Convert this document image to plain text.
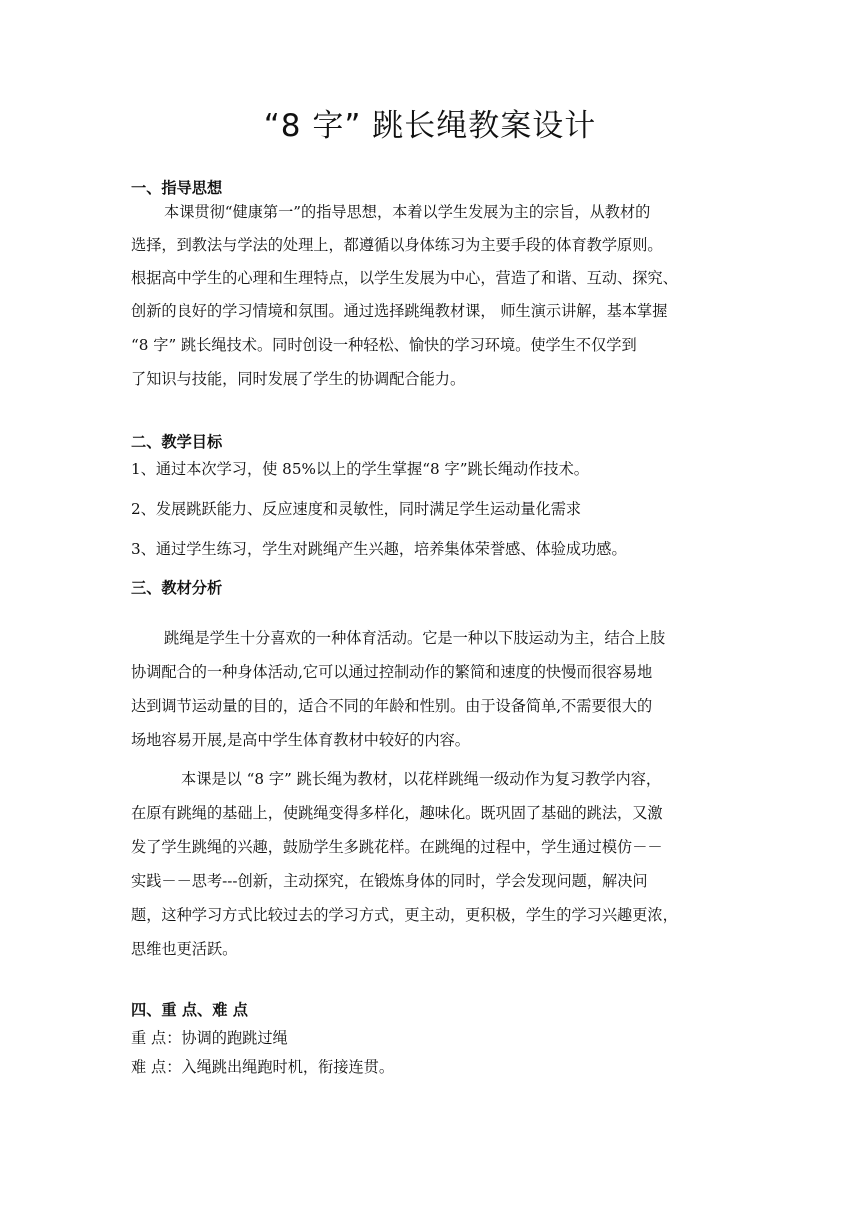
“8 字” 跳长绳教案设计
一、指导思想
本课贯彻“健康第一”的指导思想，本着以学生发展为主的宗旨，从教材的
选择，到教法与学法的处理上，都遵循以身体练习为主要手段的体育教学原则。
根据高中学生的心理和生理特点，以学生发展为中心，营造了和谐、互动、探究、
创新的良好的学习情境和氛围。通过选择跳绳教材课， 师生演示讲解，基本掌握
“8 字” 跳长绳技术。同时创设一种轻松、愉快的学习环境。使学生不仅学到
了知识与技能，同时发展了学生的协调配合能力。
二、教学目标
1、通过本次学习，使 85%以上的学生掌握“8 字”跳长绳动作技术。
2、发展跳跃能力、反应速度和灵敏性，同时满足学生运动量化需求
3、通过学生练习，学生对跳绳产生兴趣，培养集体荣誉感、体验成功感。
三、教材分析
跳绳是学生十分喜欢的一种体育活动。它是一种以下肢运动为主，结合上肢
协调配合的一种身体活动,它可以通过控制动作的繁简和速度的快慢而很容易地
达到调节运动量的目的，适合不同的年龄和性别。由于设备简单,不需要很大的
场地容易开展,是高中学生体育教材中较好的内容。
本课是以 “8 字” 跳长绳为教材，以花样跳绳一级动作为复习教学内容，
在原有跳绳的基础上，使跳绳变得多样化，趣味化。既巩固了基础的跳法，又激
发了学生跳绳的兴趣，鼓励学生多跳花样。在跳绳的过程中，学生通过模仿－－
实践－－思考---创新，主动探究，在锻炼身体的同时，学会发现问题，解决问
题，这种学习方式比较过去的学习方式，更主动，更积极，学生的学习兴趣更浓，
思维也更活跃。
四、重 点、难 点
重 点：协调的跑跳过绳
难 点：入绳跳出绳跑时机，衔接连贯。
